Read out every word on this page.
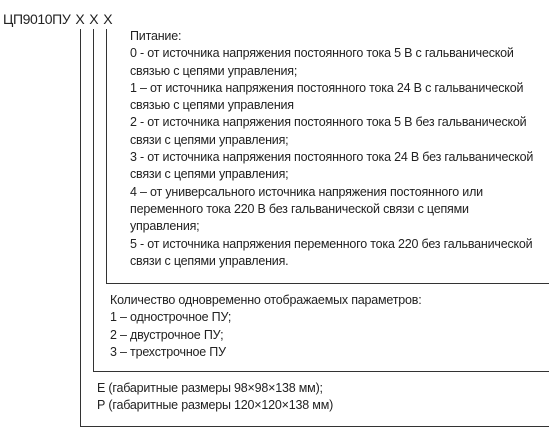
ЦП9010ПУ X X X
Питание:
0 - от источника напряжения постоянного тока 5 В с гальванической
связью с цепями управления;
1 – от источника напряжения постоянного тока 24 В с гальванической
связью с цепями управления
2 - от источника напряжения постоянного тока 5 В без гальванической
связи с цепями управления;
3 - от источника напряжения постоянного тока 24 В без гальванической
связи с цепями управления;
4 – от универсального источника напряжения постоянного или
переменного тока 220 В без гальванической связи с цепями
управления;
5 - от источника напряжения переменного тока 220 без гальванической
связи с цепями управления.
Количество одновременно отображаемых параметров:
1 – однострочное ПУ;
2 – двустрочное ПУ;
3 – трехстрочное ПУ
Е (габаритные размеры 98×98×138 мм);
Р (габаритные размеры 120×120×138 мм)
